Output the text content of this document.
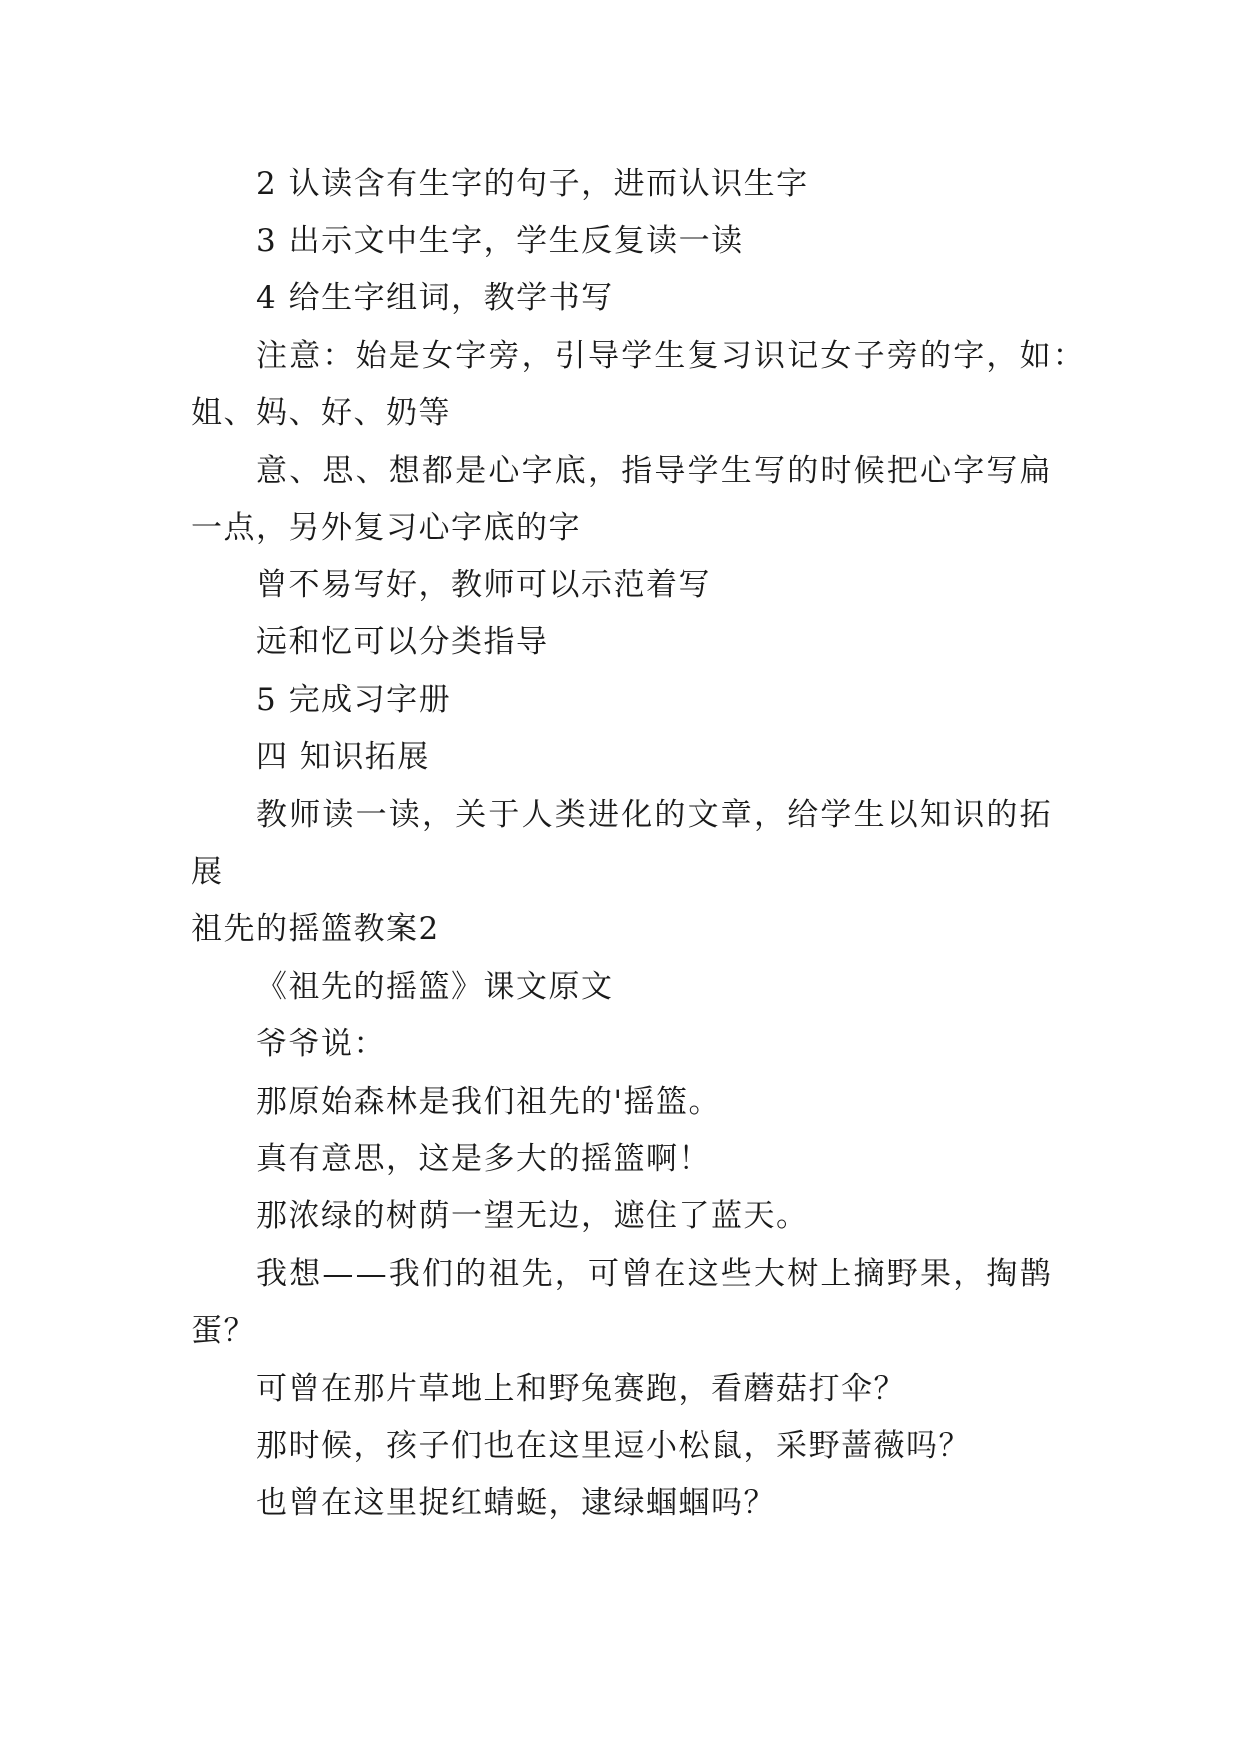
2 认读含有生字的句子，进而认识生字
3 出示文中生字，学生反复读一读
4 给生字组词，教学书写
注意：始是女字旁，引导学生复习识记女子旁的字，如：
姐、妈、好、奶等
意、思、想都是心字底，指导学生写的时候把心字写扁
一点，另外复习心字底的字
曾不易写好，教师可以示范着写
远和忆可以分类指导
5 完成习字册
四 知识拓展
教师读一读，关于人类进化的文章，给学生以知识的拓
展
祖先的摇篮教案2
《祖先的摇篮》课文原文
爷爷说：
那原始森林是我们祖先的'摇篮。
真有意思，这是多大的摇篮啊！
那浓绿的树荫一望无边，遮住了蓝天。
我想——我们的祖先，可曾在这些大树上摘野果，掏鹊
蛋？
可曾在那片草地上和野兔赛跑，看蘑菇打伞？
那时候，孩子们也在这里逗小松鼠，采野蔷薇吗？
也曾在这里捉红蜻蜓，逮绿蝈蝈吗？
